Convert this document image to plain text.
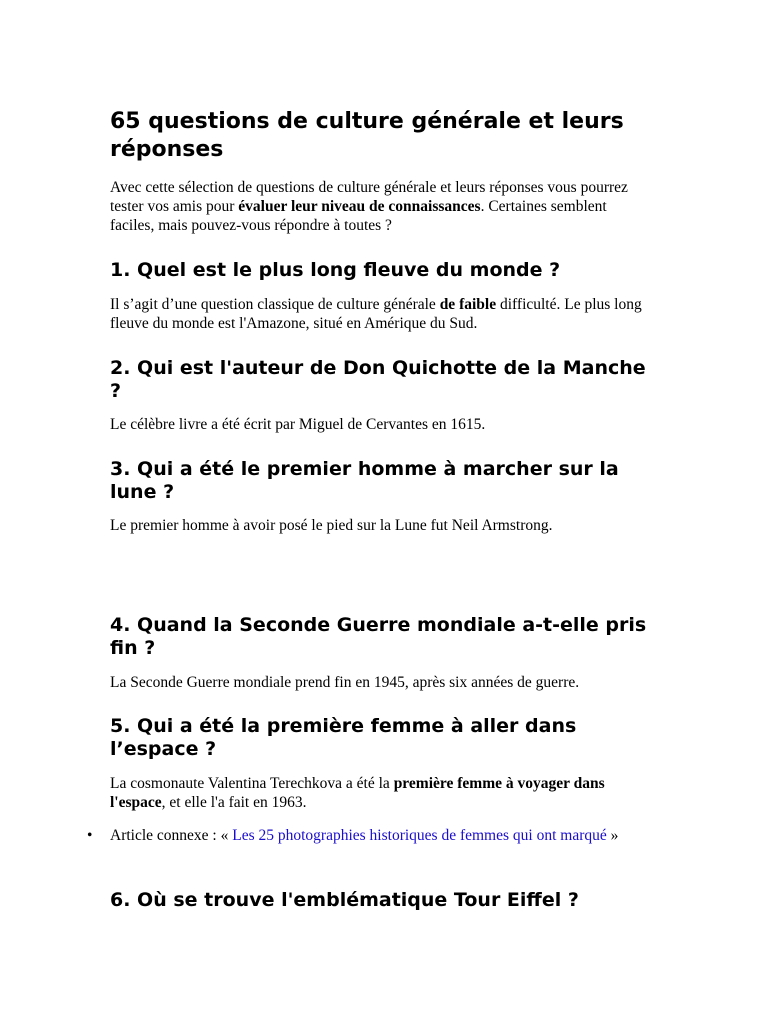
65 questions de culture générale et leurs réponses

Avec cette sélection de questions de culture générale et leurs réponses vous pourrez tester vos amis pour évaluer leur niveau de connaissances. Certaines semblent faciles, mais pouvez-vous répondre à toutes ?

1. Quel est le plus long fleuve du monde ?

Il s’agit d’une question classique de culture générale de faible difficulté. Le plus long fleuve du monde est l'Amazone, situé en Amérique du Sud.

2. Qui est l'auteur de Don Quichotte de la Manche ?

Le célèbre livre a été écrit par Miguel de Cervantes en 1615.

3. Qui a été le premier homme à marcher sur la lune ?

Le premier homme à avoir posé le pied sur la Lune fut Neil Armstrong.

4. Quand la Seconde Guerre mondiale a-t-elle pris fin ?

La Seconde Guerre mondiale prend fin en 1945, après six années de guerre.

5. Qui a été la première femme à aller dans l’espace ?

La cosmonaute Valentina Terechkova a été la première femme à voyager dans l'espace, et elle l'a fait en 1963.

• Article connexe : « Les 25 photographies historiques de femmes qui ont marqué »

6. Où se trouve l'emblématique Tour Eiffel ?
